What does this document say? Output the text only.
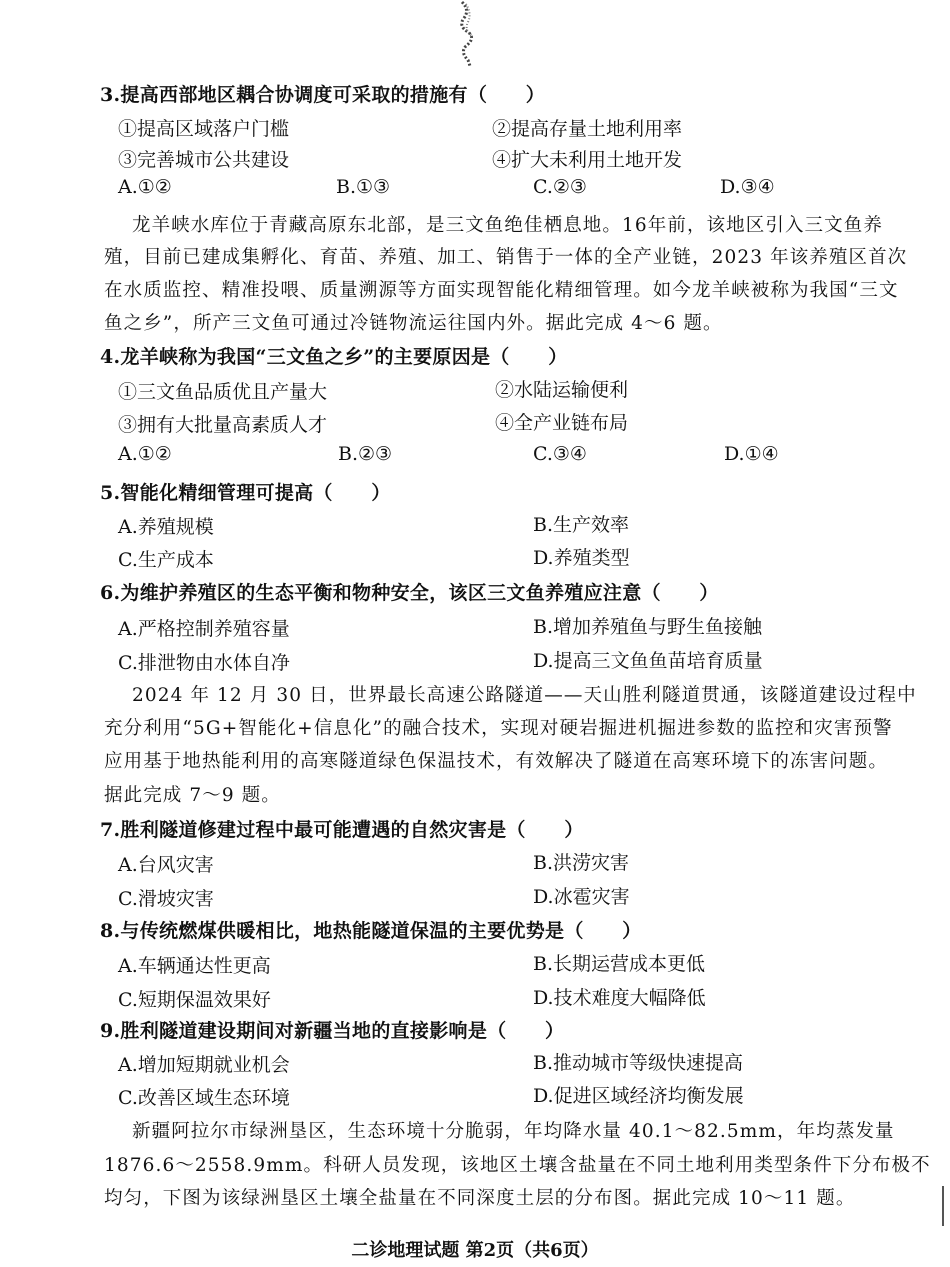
3.提高西部地区耦合协调度可采取的措施有（　　）
①提高区域落户门槛	②提高存量土地利用率
③完善城市公共建设	④扩大未利用土地开发
A.①②	B.①③	C.②③	D.③④
龙羊峡水库位于青藏高原东北部，是三文鱼绝佳栖息地。16年前，该地区引入三文鱼养
殖，目前已建成集孵化、育苗、养殖、加工、销售于一体的全产业链，2023 年该养殖区首次
在水质监控、精准投喂、质量溯源等方面实现智能化精细管理。如今龙羊峡被称为我国“三文
鱼之乡”，所产三文鱼可通过冷链物流运往国内外。据此完成 4～6 题。
4.龙羊峡称为我国“三文鱼之乡”的主要原因是（　　）
①三文鱼品质优且产量大	②水陆运输便利
③拥有大批量高素质人才	④全产业链布局
A.①②	B.②③	C.③④	D.①④
5.智能化精细管理可提高（　　）
A.养殖规模	B.生产效率
C.生产成本	D.养殖类型
6.为维护养殖区的生态平衡和物种安全，该区三文鱼养殖应注意（　　）
A.严格控制养殖容量	B.增加养殖鱼与野生鱼接触
C.排泄物由水体自净	D.提高三文鱼鱼苗培育质量
2024 年 12 月 30 日，世界最长高速公路隧道——天山胜利隧道贯通，该隧道建设过程中
充分利用“5G+智能化+信息化”的融合技术，实现对硬岩掘进机掘进参数的监控和灾害预警
应用基于地热能利用的高寒隧道绿色保温技术，有效解决了隧道在高寒环境下的冻害问题。
据此完成 7～9 题。
7.胜利隧道修建过程中最可能遭遇的自然灾害是（　　）
A.台风灾害	B.洪涝灾害
C.滑坡灾害	D.冰雹灾害
8.与传统燃煤供暖相比，地热能隧道保温的主要优势是（　　）
A.车辆通达性更高	B.长期运营成本更低
C.短期保温效果好	D.技术难度大幅降低
9.胜利隧道建设期间对新疆当地的直接影响是（　　）
A.增加短期就业机会	B.推动城市等级快速提高
C.改善区域生态环境	D.促进区域经济均衡发展
新疆阿拉尔市绿洲垦区，生态环境十分脆弱，年均降水量 40.1～82.5mm，年均蒸发量
1876.6～2558.9mm。科研人员发现，该地区土壤含盐量在不同土地利用类型条件下分布极不
均匀，下图为该绿洲垦区土壤全盐量在不同深度土层的分布图。据此完成 10～11 题。
二诊地理试题 第2页（共6页）
